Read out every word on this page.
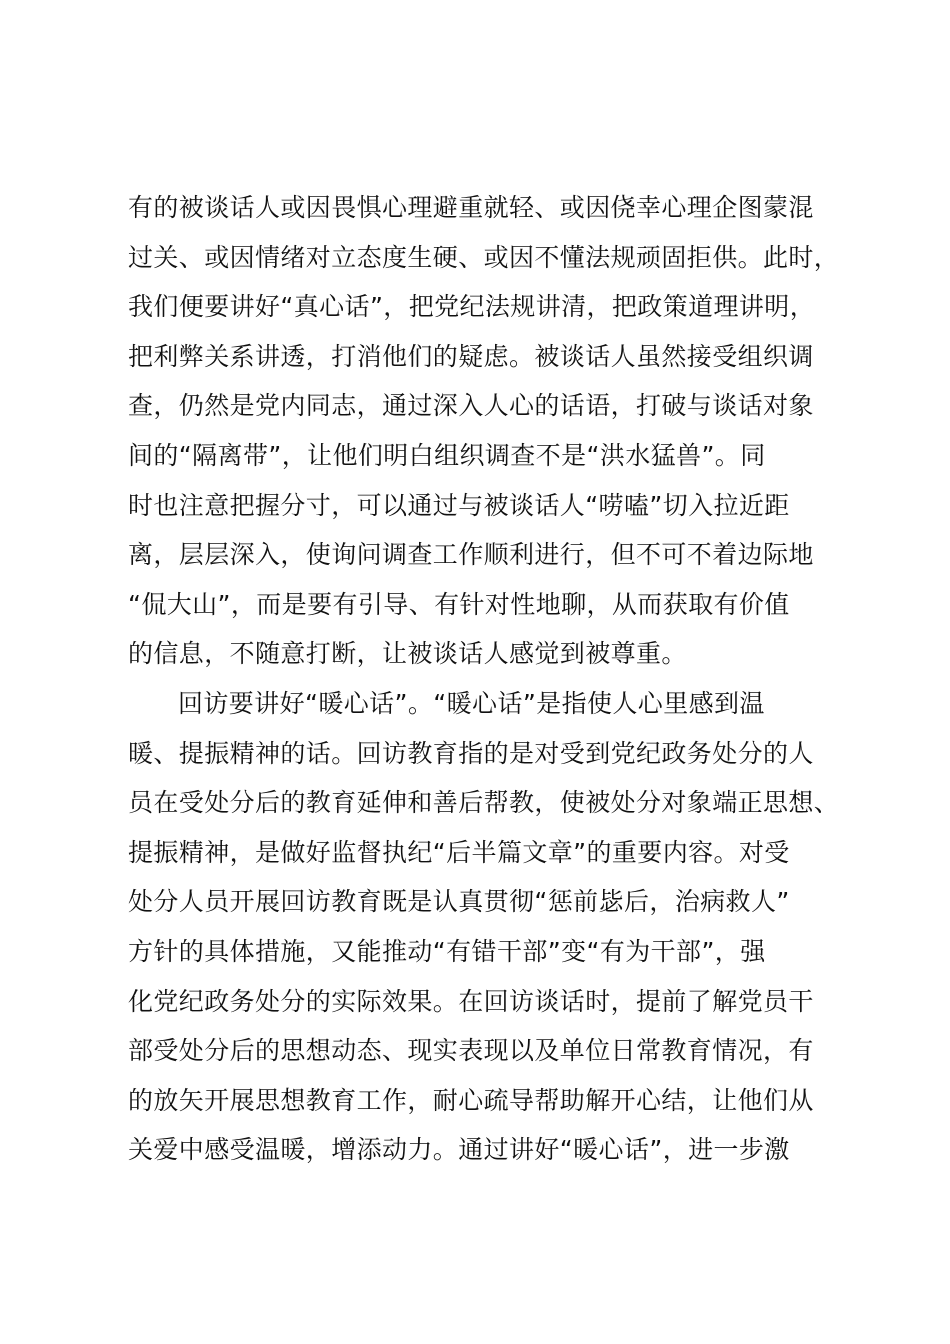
有的被谈话人或因畏惧心理避重就轻、或因侥幸心理企图蒙混
过关、或因情绪对立态度生硬、或因不懂法规顽固拒供。此时，
我们便要讲好“真心话”，把党纪法规讲清，把政策道理讲明，
把利弊关系讲透，打消他们的疑虑。被谈话人虽然接受组织调
查，仍然是党内同志，通过深入人心的话语，打破与谈话对象
间的“隔离带”，让他们明白组织调查不是“洪水猛兽”。同
时也注意把握分寸，可以通过与被谈话人“唠嗑”切入拉近距
离，层层深入，使询问调查工作顺利进行，但不可不着边际地
“侃大山”，而是要有引导、有针对性地聊，从而获取有价值
的信息，不随意打断，让被谈话人感觉到被尊重。
回访要讲好“暖心话”。“暖心话”是指使人心里感到温
暖、提振精神的话。回访教育指的是对受到党纪政务处分的人
员在受处分后的教育延伸和善后帮教，使被处分对象端正思想、
提振精神，是做好监督执纪“后半篇文章”的重要内容。对受
处分人员开展回访教育既是认真贯彻“惩前毖后，治病救人”
方针的具体措施，又能推动“有错干部”变“有为干部”，强
化党纪政务处分的实际效果。在回访谈话时，提前了解党员干
部受处分后的思想动态、现实表现以及单位日常教育情况，有
的放矢开展思想教育工作，耐心疏导帮助解开心结，让他们从
关爱中感受温暖，增添动力。通过讲好“暖心话”，进一步激
